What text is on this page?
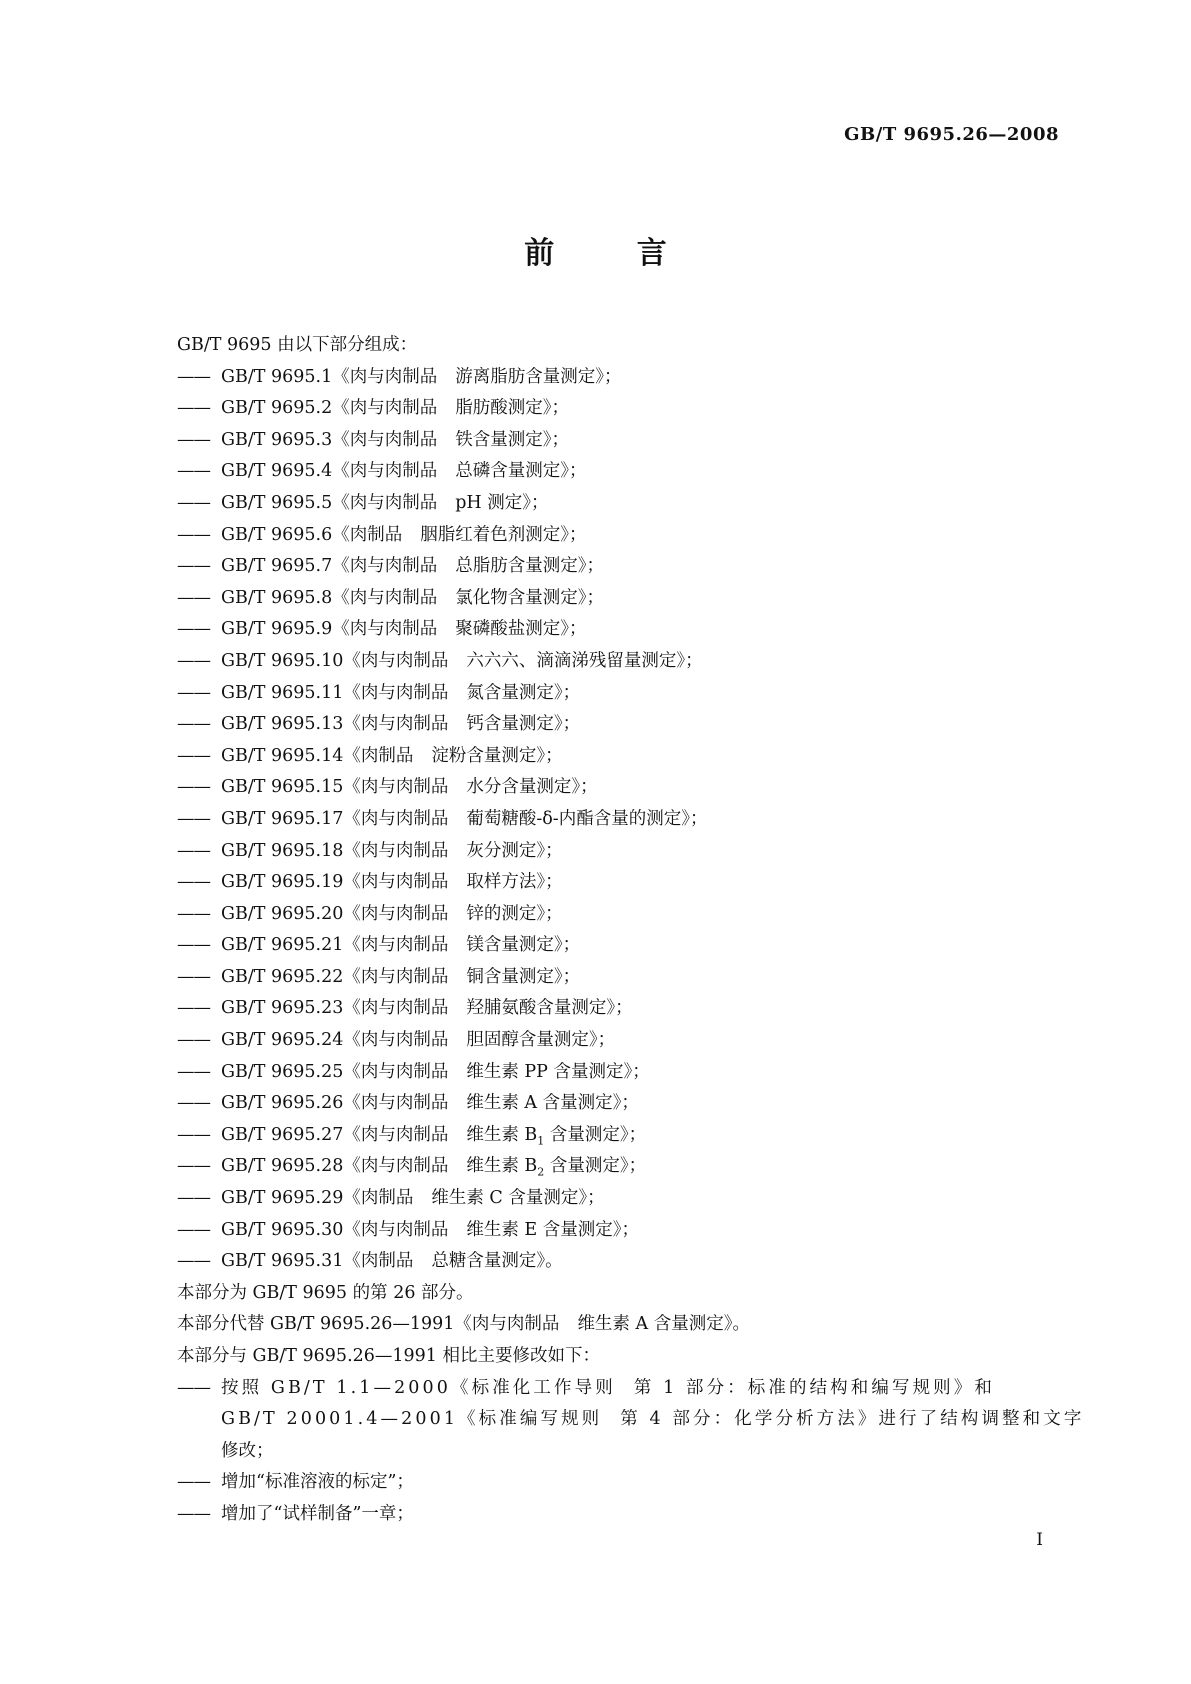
GB/T 9695.26—2008
前 言
GB/T 9695 由以下部分组成：
—— GB/T 9695.1《肉与肉制品 游离脂肪含量测定》；
—— GB/T 9695.2《肉与肉制品 脂肪酸测定》；
—— GB/T 9695.3《肉与肉制品 铁含量测定》；
—— GB/T 9695.4《肉与肉制品 总磷含量测定》；
—— GB/T 9695.5《肉与肉制品 pH 测定》；
—— GB/T 9695.6《肉制品 胭脂红着色剂测定》；
—— GB/T 9695.7《肉与肉制品 总脂肪含量测定》；
—— GB/T 9695.8《肉与肉制品 氯化物含量测定》；
—— GB/T 9695.9《肉与肉制品 聚磷酸盐测定》；
—— GB/T 9695.10《肉与肉制品 六六六、滴滴涕残留量测定》；
—— GB/T 9695.11《肉与肉制品 氮含量测定》；
—— GB/T 9695.13《肉与肉制品 钙含量测定》；
—— GB/T 9695.14《肉制品 淀粉含量测定》；
—— GB/T 9695.15《肉与肉制品 水分含量测定》；
—— GB/T 9695.17《肉与肉制品 葡萄糖酸-δ-内酯含量的测定》；
—— GB/T 9695.18《肉与肉制品 灰分测定》；
—— GB/T 9695.19《肉与肉制品 取样方法》；
—— GB/T 9695.20《肉与肉制品 锌的测定》；
—— GB/T 9695.21《肉与肉制品 镁含量测定》；
—— GB/T 9695.22《肉与肉制品 铜含量测定》；
—— GB/T 9695.23《肉与肉制品 羟脯氨酸含量测定》；
—— GB/T 9695.24《肉与肉制品 胆固醇含量测定》；
—— GB/T 9695.25《肉与肉制品 维生素 PP 含量测定》；
—— GB/T 9695.26《肉与肉制品 维生素 A 含量测定》；
—— GB/T 9695.27《肉与肉制品 维生素 $B_1$ 含量测定》；
—— GB/T 9695.28《肉与肉制品 维生素 $B_2$ 含量测定》；
—— GB/T 9695.29《肉制品 维生素 C 含量测定》；
—— GB/T 9695.30《肉与肉制品 维生素 E 含量测定》；
—— GB/T 9695.31《肉制品 总糖含量测定》。
本部分为 GB/T 9695 的第 26 部分。
本部分代替 GB/T 9695.26—1991《肉与肉制品 维生素 A 含量测定》。
本部分与 GB/T 9695.26—1991 相比主要修改如下：
—— 按照 GB/T 1.1—2000《标准化工作导则 第 1 部分：标准的结构和编写规则》和
GB/T 20001.4—2001《标准编写规则 第 4 部分：化学分析方法》进行了结构调整和文字
修改；
—— 增加“标准溶液的标定”；
—— 增加了“试样制备”一章；
I
